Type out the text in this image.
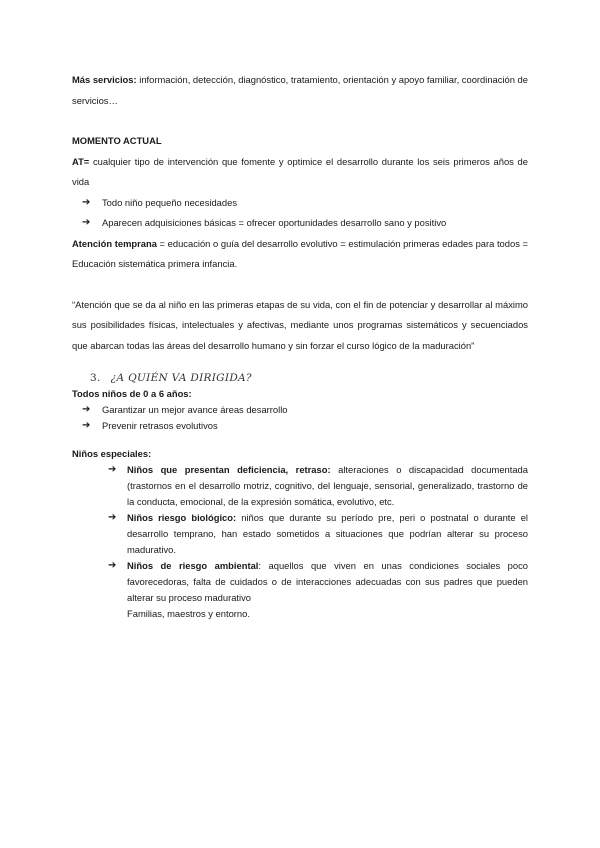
Más servicios: información, detección, diagnóstico, tratamiento, orientación y apoyo familiar, coordinación de servicios…

MOMENTO ACTUAL

AT= cualquier tipo de intervención que fomente y optimice el desarrollo durante los seis primeros años de vida

➔	Todo niño pequeño necesidades
➔	Aparecen adquisiciones básicas = ofrecer oportunidades desarrollo sano y positivo

Atención temprana = educación o guía del desarrollo evolutivo = estimulación primeras edades para todos = Educación sistemática primera infancia.

“Atención que se da al niño en las primeras etapas de su vida, con el fin de potenciar y desarrollar al máximo sus posibilidades físicas, intelectuales y afectivas, mediante unos programas sistemáticos y secuenciados que abarcan todas las áreas del desarrollo humano y sin forzar el curso lógico de la maduración”

3. ¿A QUIÉN VA DIRIGIDA?

Todos niños de 0 a 6 años:

➔	Garantizar un mejor avance áreas desarrollo
➔	Prevenir retrasos evolutivos

Niños especiales:

➔	Niños que presentan deficiencia, retraso: alteraciones o discapacidad documentada (trastornos en el desarrollo motriz, cognitivo, del lenguaje, sensorial, generalizado, trastorno de la conducta, emocional, de la expresión somática, evolutivo, etc.
➔	Niños riesgo biológico: niños que durante su período pre, peri o postnatal o durante el desarrollo temprano, han estado sometidos a situaciones que podrían alterar su proceso madurativo.
➔	Niños de riesgo ambiental: aquellos que viven en unas condiciones sociales poco favorecedoras, falta de cuidados o de interacciones adecuadas con sus padres que pueden alterar su proceso madurativo

Familias, maestros y entorno.
